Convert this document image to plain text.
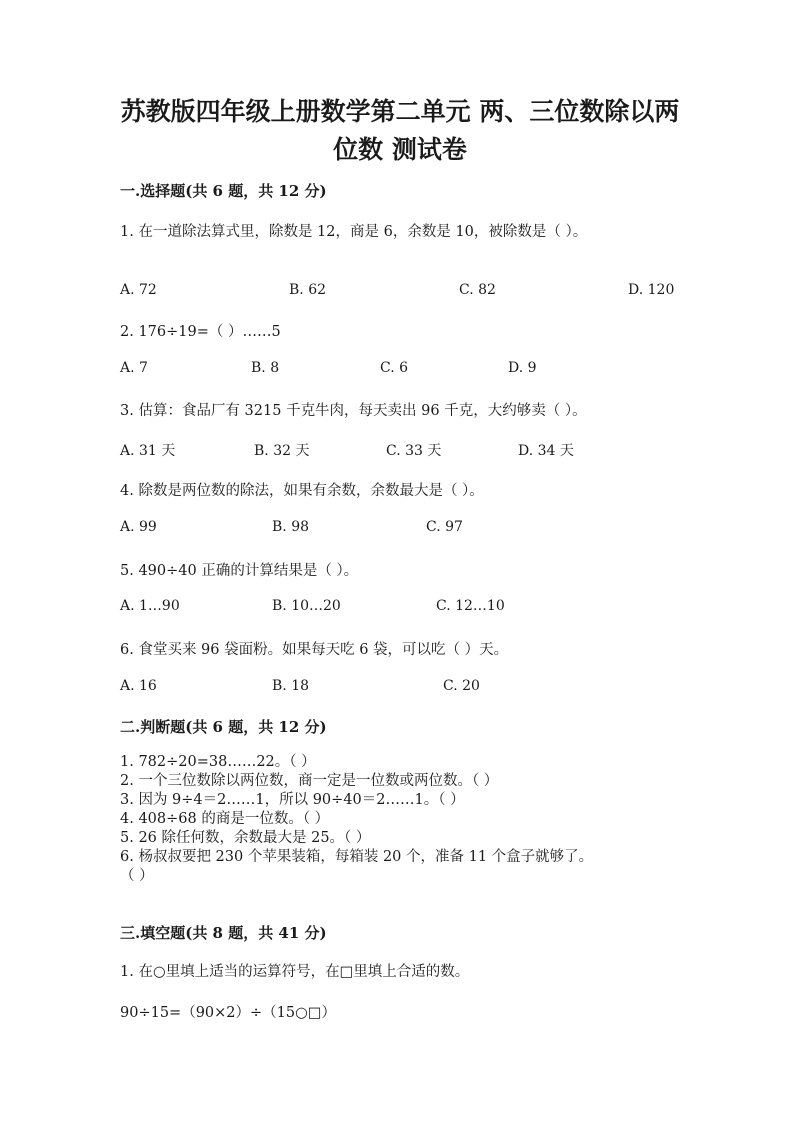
苏教版四年级上册数学第二单元 两、三位数除以两
位数 测试卷
一.选择题(共 6 题，共 12 分)
1. 在一道除法算式里，除数是 12，商是 6，余数是 10，被除数是（ ）。
A. 72	B. 62	C. 82	D. 120
2. 176÷19=（ ）……5
A. 7	B. 8	C. 6	D. 9
3. 估算：食品厂有 3215 千克牛肉，每天卖出 96 千克，大约够卖（ ）。
A. 31 天	B. 32 天	C. 33 天	D. 34 天
4. 除数是两位数的除法，如果有余数，余数最大是（ ）。
A. 99	B. 98	C. 97
5. 490÷40 正确的计算结果是（ ）。
A. 1…90	B. 10…20	C. 12…10
6. 食堂买来 96 袋面粉。如果每天吃 6 袋，可以吃（ ）天。
A. 16	B. 18	C. 20
二.判断题(共 6 题，共 12 分)
1. 782÷20=38……22。（ ）
2. 一个三位数除以两位数，商一定是一位数或两位数。（ ）
3. 因为 9÷4＝2……1，所以 90÷40＝2……1。（ ）
4. 408÷68 的商是一位数。（ ）
5. 26 除任何数，余数最大是 25。（ ）
6. 杨叔叔要把 230 个苹果装箱，每箱装 20 个，准备 11 个盒子就够了。
（ ）
三.填空题(共 8 题，共 41 分)
1. 在○里填上适当的运算符号，在□里填上合适的数。
90÷15=（90×2）÷（15○□）
